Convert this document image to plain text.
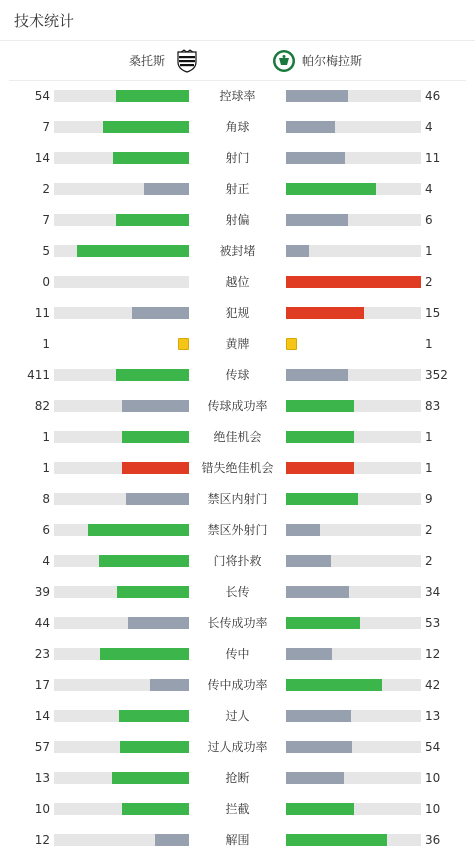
技术统计
桑托斯	帕尔梅拉斯
54	控球率	46
7	角球	4
14	射门	11
2	射正	4
7	射偏	6
5	被封堵	1
0	越位	2
11	犯规	15
1	黄牌	1
411	传球	352
82	传球成功率	83
1	绝佳机会	1
1	错失绝佳机会	1
8	禁区内射门	9
6	禁区外射门	2
4	门将扑救	2
39	长传	34
44	长传成功率	53
23	传中	12
17	传中成功率	42
14	过人	13
57	过人成功率	54
13	抢断	10
10	拦截	10
12	解围	36
